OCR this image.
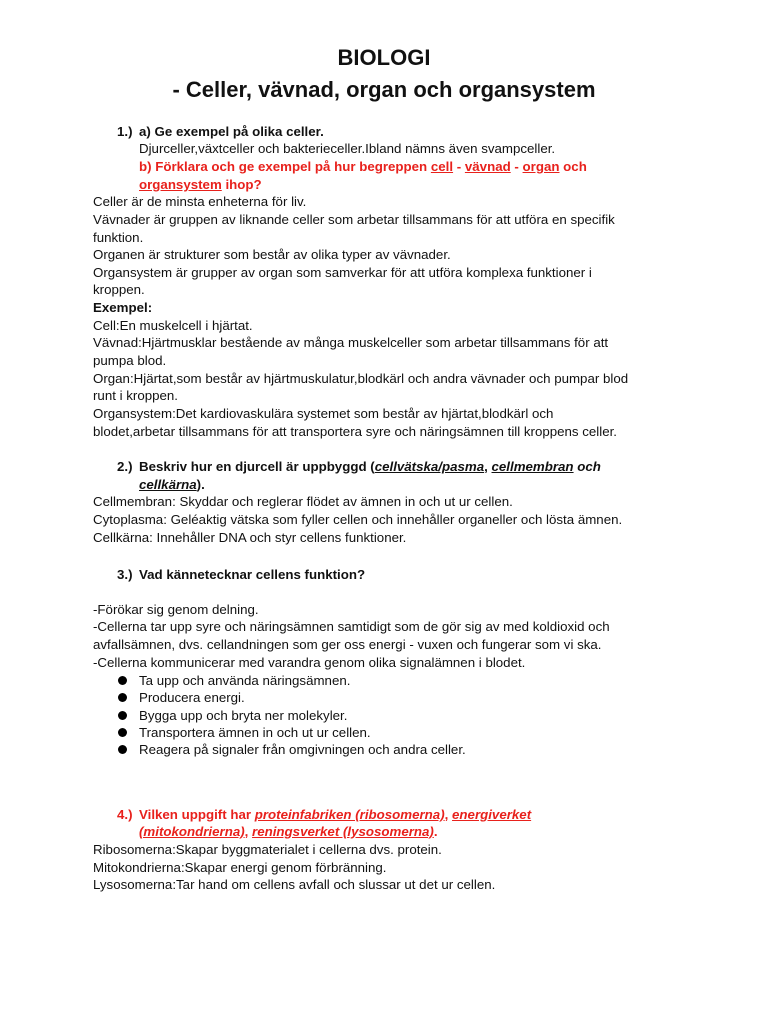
BIOLOGI
- Celler, vävnad, organ och organsystem
1.) a) Ge exempel på olika celler.
Djurceller,växtceller och bakterieceller.Ibland nämns även svampceller.
b) Förklara och ge exempel på hur begreppen cell - vävnad - organ och
organsystem ihop?
Celler är de minsta enheterna för liv.
Vävnader är gruppen av liknande celler som arbetar tillsammans för att utföra en specifik
funktion.
Organen är strukturer som består av olika typer av vävnader.
Organsystem är grupper av organ som samverkar för att utföra komplexa funktioner i
kroppen.
Exempel:
Cell:En muskelcell i hjärtat.
Vävnad:Hjärtmusklar bestående av många muskelceller som arbetar tillsammans för att
pumpa blod.
Organ:Hjärtat,som består av hjärtmuskulatur,blodkärl och andra vävnader och pumpar blod
runt i kroppen.
Organsystem:Det kardiovaskulära systemet som består av hjärtat,blodkärl och
blodet,arbetar tillsammans för att transportera syre och näringsämnen till kroppens celler.
2.) Beskriv hur en djurcell är uppbyggd (cellvätska/pasma, cellmembran och
cellkärna).
Cellmembran: Skyddar och reglerar flödet av ämnen in och ut ur cellen.
Cytoplasma: Geléaktig vätska som fyller cellen och innehåller organeller och lösta ämnen.
Cellkärna: Innehåller DNA och styr cellens funktioner.
3.) Vad kännetecknar cellens funktion?
-Förökar sig genom delning.
-Cellerna tar upp syre och näringsämnen samtidigt som de gör sig av med koldioxid och
avfallsämnen, dvs. cellandningen som ger oss energi - vuxen och fungerar som vi ska.
-Cellerna kommunicerar med varandra genom olika signalämnen i blodet.
Ta upp och använda näringsämnen.
Producera energi.
Bygga upp och bryta ner molekyler.
Transportera ämnen in och ut ur cellen.
Reagera på signaler från omgivningen och andra celler.
4.) Vilken uppgift har proteinfabriken (ribosomerna), energiverket
(mitokondrierna), reningsverket (lysosomerna).
Ribosomerna:Skapar byggmaterialet i cellerna dvs. protein.
Mitokondrierna:Skapar energi genom förbränning.
Lysosomerna:Tar hand om cellens avfall och slussar ut det ur cellen.
